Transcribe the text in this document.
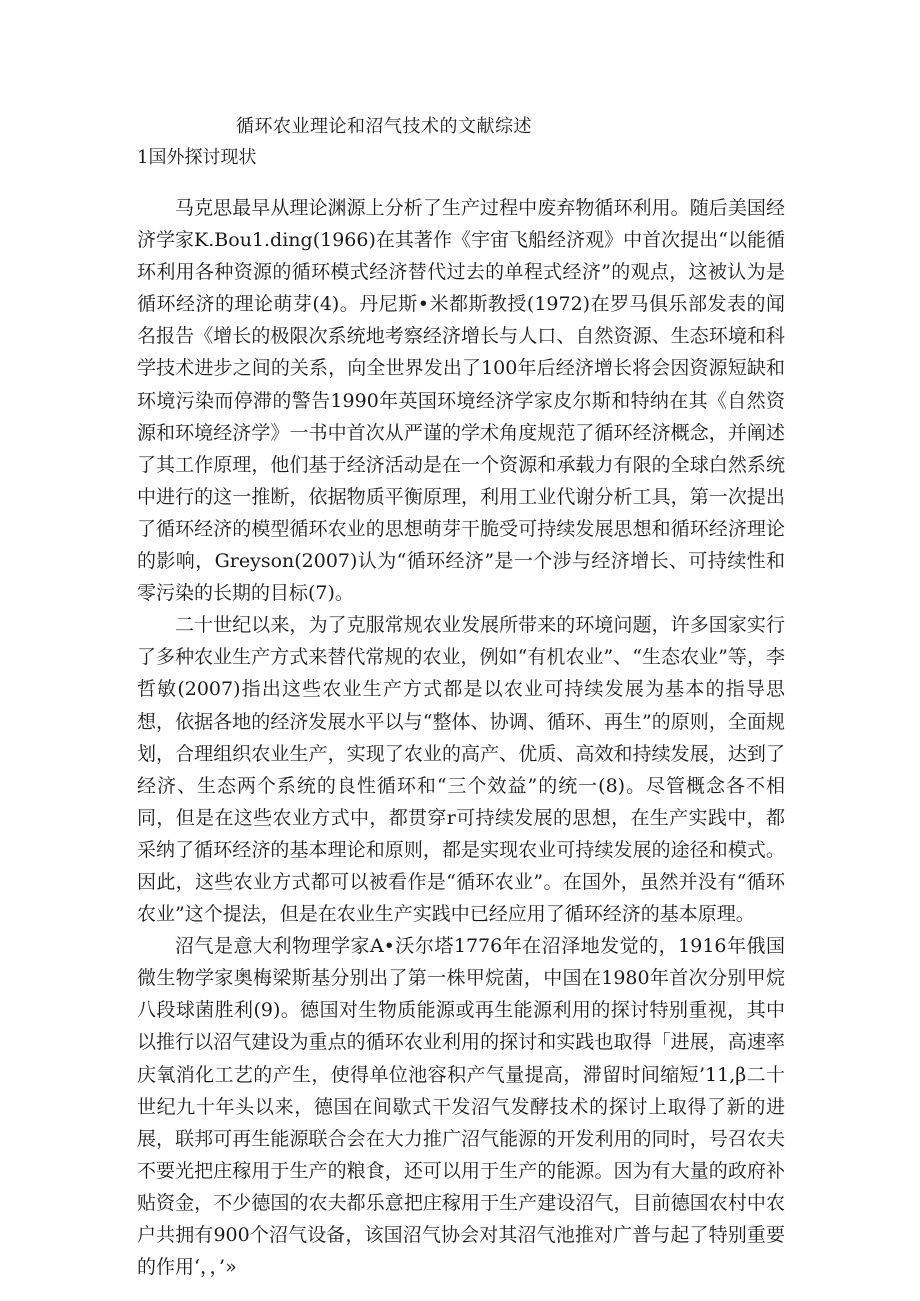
循环农业理论和沼气技术的文献综述
1国外探讨现状

马克思最早从理论渊源上分析了生产过程中废弃物循环利用。随后美国经济学家K.Bou1.ding(1966)在其著作《宇宙飞船经济观》中首次提出“以能循环利用各种资源的循环模式经济替代过去的单程式经济”的观点，这被认为是循环经济的理论萌芽(4)。丹尼斯•米都斯教授(1972)在罗马俱乐部发表的闻名报告《增长的极限次系统地考察经济增长与人口、自然资源、生态环境和科学技术进步之间的关系，向全世界发出了100年后经济增长将会因资源短缺和环境污染而停滞的警告1990年英国环境经济学家皮尔斯和特纳在其《自然资源和环境经济学》一书中首次从严谨的学术角度规范了循环经济概念，并阐述了其工作原理，他们基于经济活动是在一个资源和承载力有限的全球白然系统中进行的这一推断，依据物质平衡原理，利用工业代谢分析工具，第一次提出了循环经济的模型循环农业的思想萌芽干脆受可持续发展思想和循环经济理论的影响，Greyson(2007)认为“循环经济”是一个涉与经济增长、可持续性和零污染的长期的目标(7)。

二十世纪以来，为了克服常规农业发展所带来的环境问题，许多国家实行了多种农业生产方式来替代常规的农业，例如“有机农业”、“生态农业”等，李哲敏(2007)指出这些农业生产方式都是以农业可持续发展为基本的指导思想，依据各地的经济发展水平以与“整体、协调、循环、再生”的原则，全面规划，合理组织农业生产，实现了农业的高产、优质、高效和持续发展，达到了经济、生态两个系统的良性循环和“三个效益”的统一(8)。尽管概念各不相同，但是在这些农业方式中，都贯穿r可持续发展的思想，在生产实践中，都采纳了循环经济的基本理论和原则，都是实现农业可持续发展的途径和模式。因此，这些农业方式都可以被看作是“循环农业”。在国外，虽然并没有“循环农业”这个提法，但是在农业生产实践中已经应用了循环经济的基本原理。

沼气是意大利物理学家A•沃尔塔1776年在沼泽地发觉的，1916年俄国微生物学家奥梅梁斯基分别出了第一株甲烷菌，中国在1980年首次分别甲烷八段球菌胜利(9)。德国对生物质能源或再生能源利用的探讨特别重视，其中以推行以沼气建设为重点的循环农业利用的探讨和实践也取得「进展，高速率庆氧消化工艺的产生，使得单位池容积产气量提高，滞留时间缩短’11,β二十世纪九十年头以来，德国在间歇式干发沼气发酵技术的探讨上取得了新的进展，联邦可再生能源联合会在大力推广沼气能源的开发利用的同时，号召农夫不要光把庄稼用于生产的粮食，还可以用于生产的能源。因为有大量的政府补贴资金，不少德国的农夫都乐意把庄稼用于生产建设沼气，目前德国农村中农户共拥有900个沼气设备，该国沼气协会对其沼气池推对广普与起了特别重要的作用‘，，’»
